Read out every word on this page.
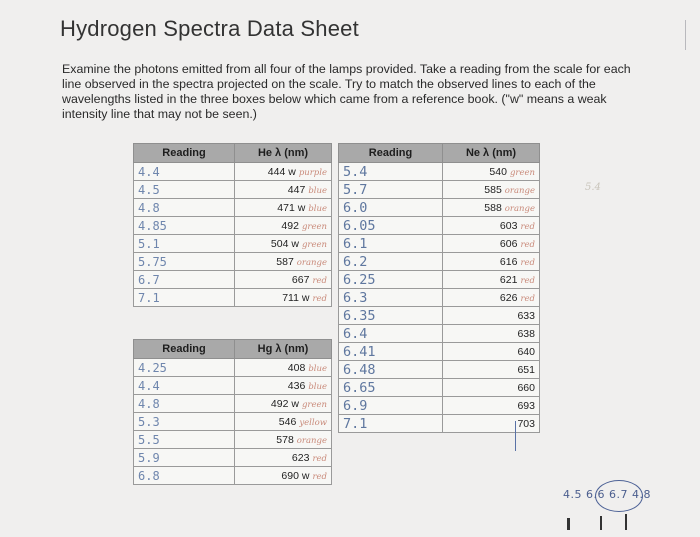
Hydrogen Spectra Data Sheet
Examine the photons emitted from all four of the lamps provided. Take a reading from the scale for each line observed in the spectra projected on the scale. Try to match the observed lines to each of the wavelengths listed in the three boxes below which came from a reference book. ("w" means a weak intensity line that may not be seen.)
5.4
Reading	He λ (nm)
4.4	444 w purple
4.5	447 blue
4.8	471 w blue
4.85	492 green
5.1	504 w green
5.75	587 orange
6.7	667 red
7.1	711 w red
Reading	Hg λ (nm)
4.25	408 blue
4.4	436 blue
4.8	492 w green
5.3	546 yellow
5.5	578 orange
5.9	623 red
6.8	690 w red
Reading	Ne λ (nm)
5.4	540 green
5.7	585 orange
6.0	588 orange
6.05	603 red
6.1	606 red
6.2	616 red
6.25	621 red
6.3	626 red
6.35	633
6.4	638
6.41	640
6.48	651
6.65	660
6.9	693
7.1	703
4.5 6.6 6.7 4.8
